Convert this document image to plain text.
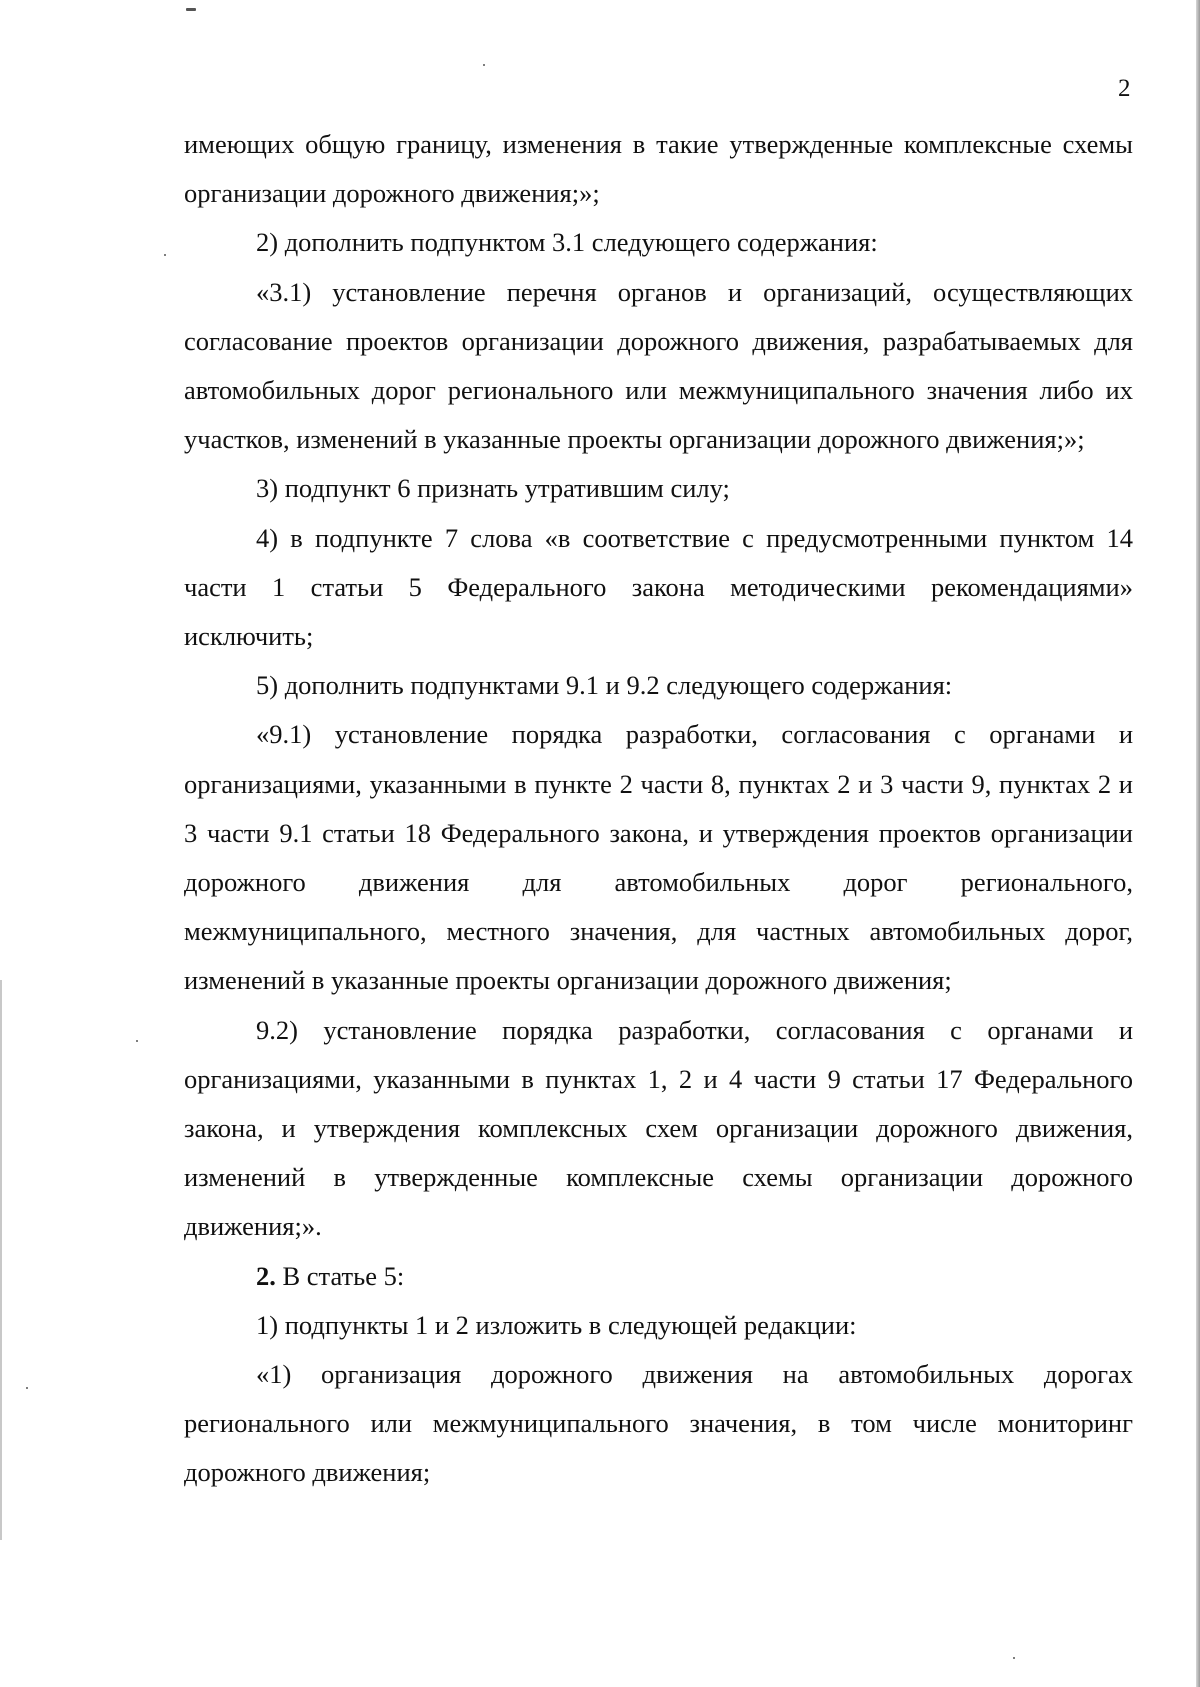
2

имеющих общую границу, изменения в такие утвержденные комплексные схемы организации дорожного движения;»;

2) дополнить подпунктом 3.1 следующего содержания:

«3.1) установление перечня органов и организаций, осуществляющих согласование проектов организации дорожного движения, разрабатываемых для автомобильных дорог регионального или межмуниципального значения либо их участков, изменений в указанные проекты организации дорожного движения;»;

3) подпункт 6 признать утратившим силу;

4) в подпункте 7 слова «в соответствие с предусмотренными пунктом 14 части 1 статьи 5 Федерального закона методическими рекомендациями» исключить;

5) дополнить подпунктами 9.1 и 9.2 следующего содержания:

«9.1) установление порядка разработки, согласования с органами и организациями, указанными в пункте 2 части 8, пунктах 2 и 3 части 9, пунктах 2 и 3 части 9.1 статьи 18 Федерального закона, и утверждения проектов организации дорожного движения для автомобильных дорог регионального, межмуниципального, местного значения, для частных автомобильных дорог, изменений в указанные проекты организации дорожного движения;

9.2) установление порядка разработки, согласования с органами и организациями, указанными в пунктах 1, 2 и 4 части 9 статьи 17 Федерального закона, и утверждения комплексных схем организации дорожного движения, изменений в утвержденные комплексные схемы организации дорожного движения;».

2. В статье 5:

1) подпункты 1 и 2 изложить в следующей редакции:

«1) организация дорожного движения на автомобильных дорогах регионального или межмуниципального значения, в том числе мониторинг дорожного движения;
